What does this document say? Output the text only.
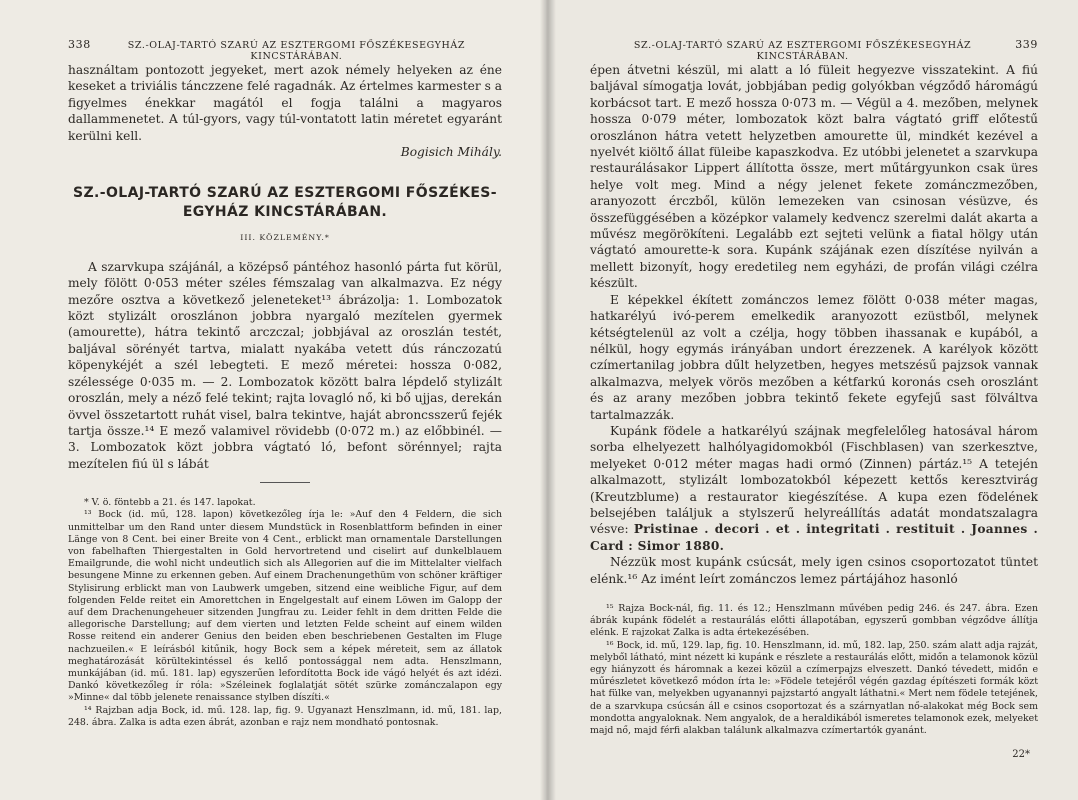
338	SZ.-OLAJ-TARTÓ SZARÚ AZ ESZTERGOMI FŐSZÉKESEGYHÁZ KINCSTÁRÁBAN.

használtam pontozott jegyeket, mert azok némely helyeken az éne keseket a triviális tánczzene felé ragadnák. Az értelmes karmester s a figyelmes énekkar magától el fogja találni a magyaros dallammenetet. A túl-gyors, vagy túl-vontatott latin méretet egyaránt kerülni kell.

Bogisich Mihály.

SZ.-OLAJ-TARTÓ SZARÚ AZ ESZTERGOMI FŐSZÉKES-
EGYHÁZ KINCSTÁRÁBAN.
III. KÖZLEMÉNY.*

A szarvkupa szájánál, a középső pántéhoz hasonló párta fut körül, mely fölött 0·053 méter széles fémszalag van alkalmazva. Ez négy mezőre osztva a következő jeleneteket¹³ ábrázolja: 1. Lombozatok közt stylizált oroszlánon jobbra nyargaló mezítelen gyermek (amourette), hátra tekintő arczczal; jobbjával az oroszlán testét, baljával sörényét tartva, mialatt nyakába vetett dús ránczozatú köpenykéjét a szél lebegteti. E mező méretei: hossza 0·082, szélessége 0·035 m. — 2. Lombozatok között balra lépdelő stylizált oroszlán, mely a néző felé tekint; rajta lovagló nő, ki bő ujjas, derekán övvel összetartott ruhát visel, balra tekintve, haját abroncsszerű fejék tartja össze.¹⁴ E mező valamivel rövidebb (0·072 m.) az előbbinél. — 3. Lombozatok közt jobbra vágtató ló, befont sörénnyel; rajta mezítelen fiú ül s lábát

* V. ö. föntebb a 21. és 147. lapokat.

¹³ Bock (id. mű, 128. lapon) következőleg írja le: »Auf den 4 Feldern, die sich unmittelbar um den Rand unter diesem Mundstück in Rosenblattform befinden in einer Länge von 8 Cent. bei einer Breite von 4 Cent., erblickt man ornamentale Darstellungen von fabelhaften Thiergestalten in Gold hervortretend und ciselirt auf dunkelblauem Emailgrunde, die wohl nicht undeutlich sich als Allegorien auf die im Mittelalter vielfach besungene Minne zu erkennen geben. Auf einem Drachenungethüm von schöner kräftiger Stylisirung erblickt man von Laubwerk umgeben, sitzend eine weibliche Figur, auf dem folgenden Felde reitet ein Amorettchen in Engelgestalt auf einem Löwen im Galopp der auf dem Drachenungeheuer sitzenden Jungfrau zu. Leider fehlt in dem dritten Felde die allegorische Darstellung; auf dem vierten und letzten Felde scheint auf einem wilden Rosse reitend ein anderer Genius den beiden eben beschriebenen Gestalten im Fluge nachzueilen.« E leírásból kitűnik, hogy Bock sem a képek méreteit, sem az állatok meghatározását körültekintéssel és kellő pontossággal nem adta. Henszlmann, munkájában (id. mű. 181. lap) egyszerűen lefordította Bock ide vágó helyét és azt idézi. Dankó következőleg ír róla: »Széleinek foglalatját sötét szürke zománczalapon egy »Minne« dal több jelenete renaissance stylben díszíti.«

¹⁴ Rajzban adja Bock, id. mű. 128. lap, fig. 9. Ugyanazt Henszlmann, id. mű, 181. lap, 248. ábra. Zalka is adta ezen ábrát, azonban e rajz nem mondható pontosnak.

SZ.-OLAJ-TARTÓ SZARÚ AZ ESZTERGOMI FŐSZÉKESEGYHÁZ KINCSTÁRÁBAN.
339

épen átvetni készül, mi alatt a ló füleit hegyezve visszatekint. A fiú baljával símogatja lovát, jobbjában pedig golyókban végződő háromágú korbácsot tart. E mező hossza 0·073 m. — Végül a 4. mezőben, melynek hossza 0·079 méter, lombozatok közt balra vágtató griff előtestű oroszlánon hátra vetett helyzetben amourette ül, mindkét kezével a nyelvét kiöltő állat füleibe kapaszkodva. Ez utóbbi jelenetet a szarvkupa restaurálásakor Lippert állította össze, mert műtárgyunkon csak üres helye volt meg. Mind a négy jelenet fekete zománczmezőben, aranyozott érczből, külön lemezeken van csinosan vésüzve, és összefüggésében a középkor valamely kedvencz szerelmi dalát akarta a művész megörökíteni. Legalább ezt sejteti velünk a fiatal hölgy után vágtató amourette-k sora. Kupánk szájának ezen díszítése nyilván a mellett bizonyít, hogy eredetileg nem egyházi, de profán világi czélra készült.

E képekkel ékített zománczos lemez fölött 0·038 méter magas, hatkarélyú ivó-perem emelkedik aranyozott ezüstből, melynek kétségtelenül az volt a czélja, hogy többen ihassanak e kupából, a nélkül, hogy egymás irányában undort érezzenek. A karélyok között czímertanilag jobbra dűlt helyzetben, hegyes metszésű pajzsok vannak alkalmazva, melyek vörös mezőben a kétfarkú koronás cseh oroszlánt és az arany mezőben jobbra tekintő fekete egyfejű sast fölváltva tartalmazzák.

Kupánk födele a hatkarélyú szájnak megfelelőleg hatosával három sorba elhelyezett halhólyagidomokból (Fischblasen) van szerkesztve, melyeket 0·012 méter magas hadi ormó (Zinnen) pártáz.¹⁵ A tetején alkalmazott, stylizált lombozatokból képezett kettős keresztvirág (Kreutzblume) a restaurator kiegészítése. A kupa ezen födelének belsejében találjuk a stylszerű helyreállítás adatát mondatszalagra vésve: Pristinae . decori . et . integritati . restituit . Joannes . Card : Simor 1880.

Nézzük most kupánk csúcsát, mely igen csinos csoportozatot tüntet elénk.¹⁶ Az imént leírt zománczos lemez pártájához hasonló

¹⁵ Rajza Bock-nál, fig. 11. és 12.; Henszlmann művében pedig 246. és 247. ábra. Ezen ábrák kupánk födelét a restaurálás előtti állapotában, egyszerű gombban végződve állítja elénk. E rajzokat Zalka is adta értekezésében.

¹⁶ Bock, id. mű, 129. lap, fig. 10. Henszlmann, id. mű, 182. lap, 250. szám alatt adja rajzát, melyből látható, mint nézett ki kupánk e részlete a restaurálás előtt, midőn a telamonok közül egy hiányzott és háromnak a kezei közül a czímerpajzs elveszett. Dankó tévedett, midőn e műrészletet következő módon írta le: »Födele tetejéről végén gazdag építészeti formák közt hat fülke van, melyekben ugyanannyi pajzstartó angyalt láthatni.« Mert nem födele tetejének, de a szarvkupa csúcsán áll e csinos csoportozat és a szárnyatlan nő-alakokat még Bock sem mondotta angyaloknak. Nem angyalok, de a heraldikából ismeretes telamonok ezek, melyeket majd nő, majd férfi alakban találunk alkalmazva czímertartók gyanánt.

22*
